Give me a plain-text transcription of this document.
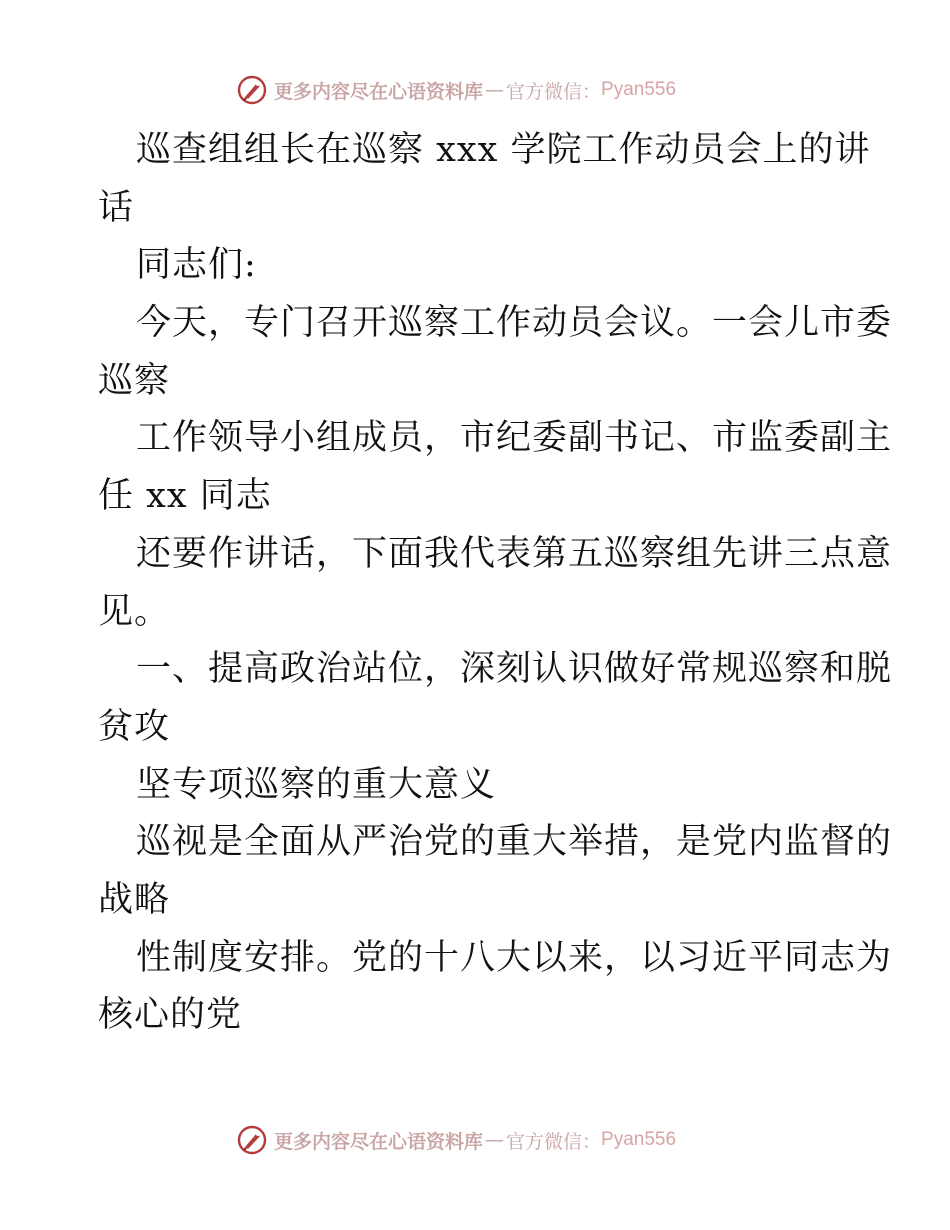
更多内容尽在心语资料库 — 官方微信： Pyan556
巡查组组长在巡察 xxx 学院工作动员会上的讲
话
同志们:
今天，专门召开巡察工作动员会议。一会儿市委
巡察
工作领导小组成员，市纪委副书记、市监委副主
任 xx 同志
还要作讲话，下面我代表第五巡察组先讲三点意
见。
一、提高政治站位，深刻认识做好常规巡察和脱
贫攻
坚专项巡察的重大意义
巡视是全面从严治党的重大举措，是党内监督的
战略
性制度安排。党的十八大以来，以习近平同志为
核心的党
更多内容尽在心语资料库 — 官方微信： Pyan556
